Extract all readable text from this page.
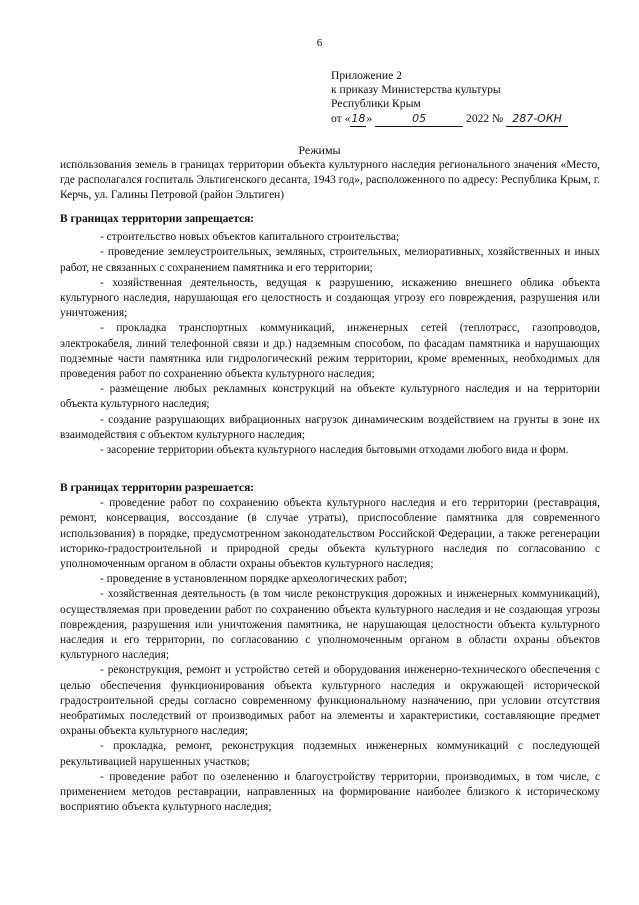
6
Приложение 2
к приказу Министерства культуры
Республики Крым
от «18»	05	2022 № 287-ОКН
Режимы

использования земель в границах территории объекта культурного наследия регионального значения «Место, где располагался госпиталь Эльтигенского десанта, 1943 год», расположенного по адресу: Республика Крым, г. Керчь, ул. Галины Петровой (район Эльтиген)

В границах территории запрещается:

- строительство новых объектов капитального строительства;

- проведение землеустроительных, земляных, строительных, мелиоративных, хозяйственных и иных работ, не связанных с сохранением памятника и его территории;

- хозяйственная деятельность, ведущая к разрушению, искажению внешнего облика объекта культурного наследия, нарушающая его целостность и создающая угрозу его повреждения, разрушения или уничтожения;

- прокладка транспортных коммуникаций, инженерных сетей (теплотрасс, газопроводов, электрокабеля, линий телефонной связи и др.) надземным способом, по фасадам памятника и нарушающих подземные части памятника или гидрологический режим территории, кроме временных, необходимых для проведения работ по сохранению объекта культурного наследия;

- размещение любых рекламных конструкций на объекте культурного наследия и на территории объекта культурного наследия;

- создание разрушающих вибрационных нагрузок динамическим воздействием на грунты в зоне их взаимодействия с объектом культурного наследия;

- засорение территории объекта культурного наследия бытовыми отходами любого вида и форм.

В границах территории разрешается:

- проведение работ по сохранению объекта культурного наследия и его территории (реставрация, ремонт, консервация, воссоздание (в случае утраты), приспособление памятника для современного использования) в порядке, предусмотренном законодательством Российской Федерации, а также регенерации историко-градостроительной и природной среды объекта культурного наследия по согласованию с уполномоченным органом в области охраны объектов культурного наследия;

- проведение в установленном порядке археологических работ;

- хозяйственная деятельность (в том числе реконструкция дорожных и инженерных коммуникаций), осуществляемая при проведении работ по сохранению объекта культурного наследия и не создающая угрозы повреждения, разрушения или уничтожения памятника, не нарушающая целостности объекта культурного наследия и его территории, по согласованию с уполномоченным органом в области охраны объектов культурного наследия;

- реконструкция, ремонт и устройство сетей и оборудования инженерно-технического обеспечения с целью обеспечения функционирования объекта культурного наследия и окружающей исторической градостроительной среды согласно современному функциональному назначению, при условии отсутствия необратимых последствий от производимых работ на элементы и характеристики, составляющие предмет охраны объекта культурного наследия;

- прокладка, ремонт, реконструкция подземных инженерных коммуникаций с последующей рекультивацией нарушенных участков;

- проведение работ по озеленению и благоустройству территории, производимых, в том числе, с применением методов реставрации, направленных на формирование наиболее близкого к историческому восприятию объекта культурного наследия;
